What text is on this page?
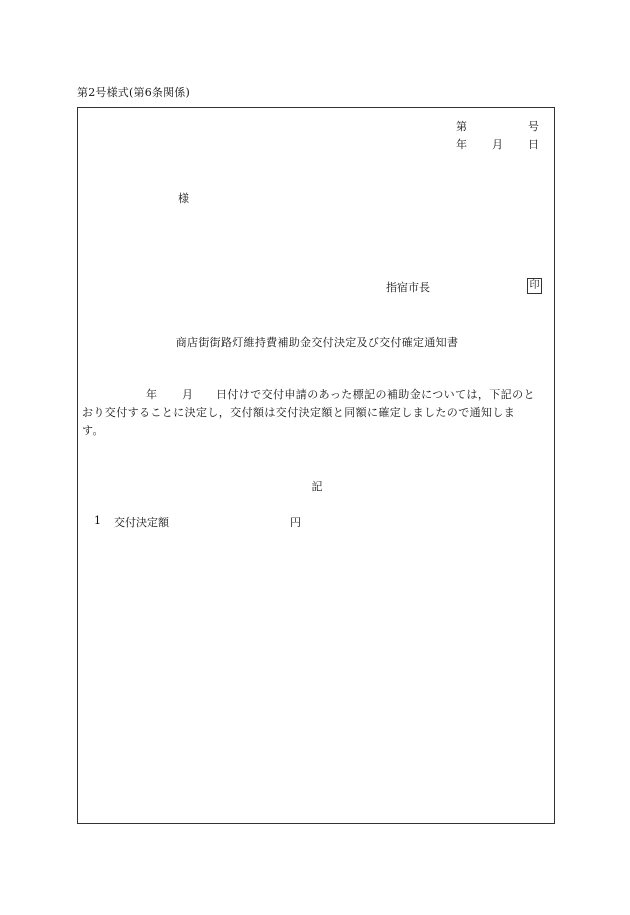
第2号様式(第6条関係)
第	号
年 月 日
様
指宿市長	印
商店街街路灯維持費補助金交付決定及び交付確定通知書
年 月 日付けで交付申請のあった標記の補助金については，下記のと
おり交付することに決定し，交付額は交付決定額と同額に確定しましたので通知しま
す。
記
1 交付決定額	円
